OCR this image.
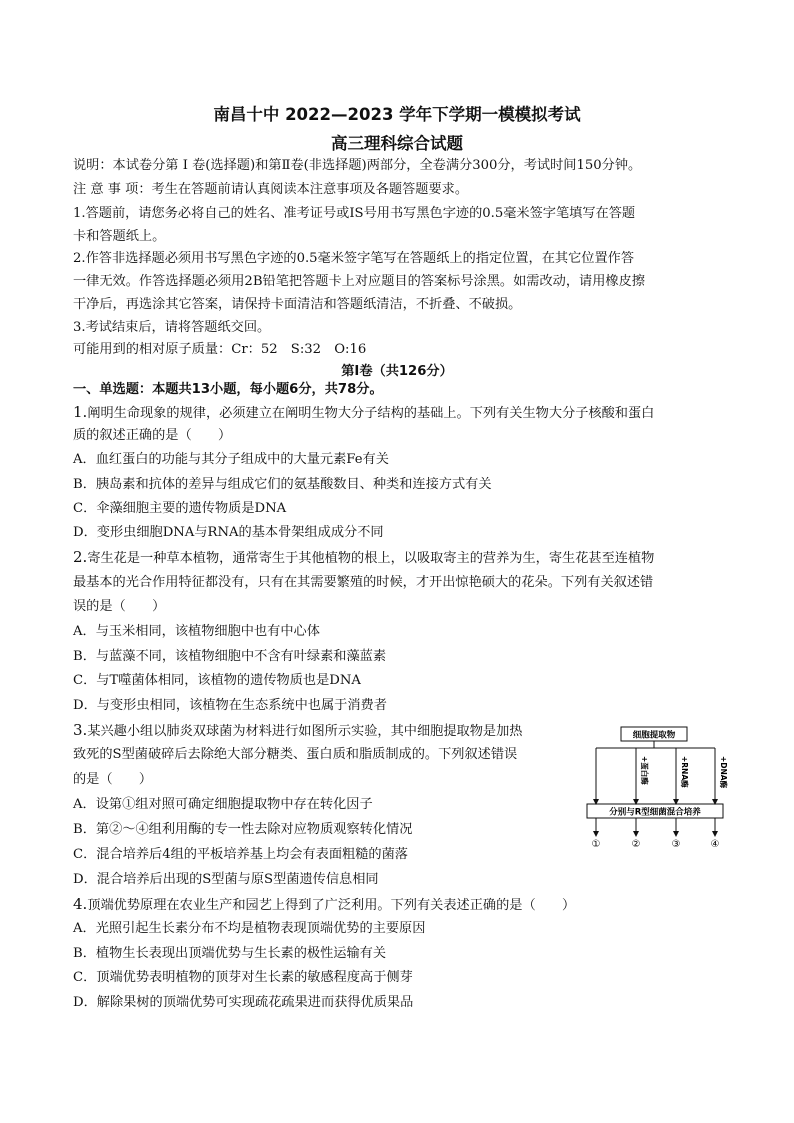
南昌十中 2022—2023 学年下学期一模模拟考试
高三理科综合试题
说明：本试卷分第 I 卷(选择题)和第Ⅱ卷(非选择题)两部分，全卷满分300分，考试时间150分钟。
注 意 事 项：考生在答题前请认真阅读本注意事项及各题答题要求。
1.答题前，请您务必将自己的姓名、准考证号或IS号用书写黑色字迹的0.5毫米签字笔填写在答题
卡和答题纸上。
2.作答非选择题必须用书写黑色字迹的0.5毫米签字笔写在答题纸上的指定位置，在其它位置作答
一律无效。作答选择题必须用2B铅笔把答题卡上对应题目的答案标号涂黑。如需改动，请用橡皮擦
干净后，再选涂其它答案，请保持卡面清洁和答题纸清洁，不折叠、不破损。
3.考试结束后，请将答题纸交回。
可能用到的相对原子质量：Cr：52　S:32　O:16
第Ⅰ卷（共126分）
一、单选题：本题共13小题，每小题6分，共78分。
1.阐明生命现象的规律，必须建立在阐明生物大分子结构的基础上。下列有关生物大分子核酸和蛋白
质的叙述正确的是（　　）
A．血红蛋白的功能与其分子组成中的大量元素Fe有关
B．胰岛素和抗体的差异与组成它们的氨基酸数目、种类和连接方式有关
C．伞藻细胞主要的遗传物质是DNA
D．变形虫细胞DNA与RNA的基本骨架组成成分不同
2.寄生花是一种草本植物，通常寄生于其他植物的根上，以吸取寄主的营养为生，寄生花甚至连植物
最基本的光合作用特征都没有，只有在其需要繁殖的时候，才开出惊艳硕大的花朵。下列有关叙述错
误的是（　　）
A．与玉米相同，该植物细胞中也有中心体
B．与蓝藻不同，该植物细胞中不含有叶绿素和藻蓝素
C．与T噬菌体相同，该植物的遗传物质也是DNA
D．与变形虫相同，该植物在生态系统中也属于消费者
3.某兴趣小组以肺炎双球菌为材料进行如图所示实验，其中细胞提取物是加热
致死的S型菌破碎后去除绝大部分糖类、蛋白质和脂质制成的。下列叙述错误
的是（　　）
A．设第①组对照可确定细胞提取物中存在转化因子
B．第②～④组利用酶的专一性去除对应物质观察转化情况
C．混合培养后4组的平板培养基上均会有表面粗糙的菌落
D．混合培养后出现的S型菌与原S型菌遗传信息相同
细胞提取物
+蛋白酶	+RNA酶	+DNA酶
分别与R型细菌混合培养
①	②	③	④
4.顶端优势原理在农业生产和园艺上得到了广泛利用。下列有关表述正确的是（　　）
A．光照引起生长素分布不均是植物表现顶端优势的主要原因
B．植物生长表现出顶端优势与生长素的极性运输有关
C．顶端优势表明植物的顶芽对生长素的敏感程度高于侧芽
D．解除果树的顶端优势可实现疏花疏果进而获得优质果品
